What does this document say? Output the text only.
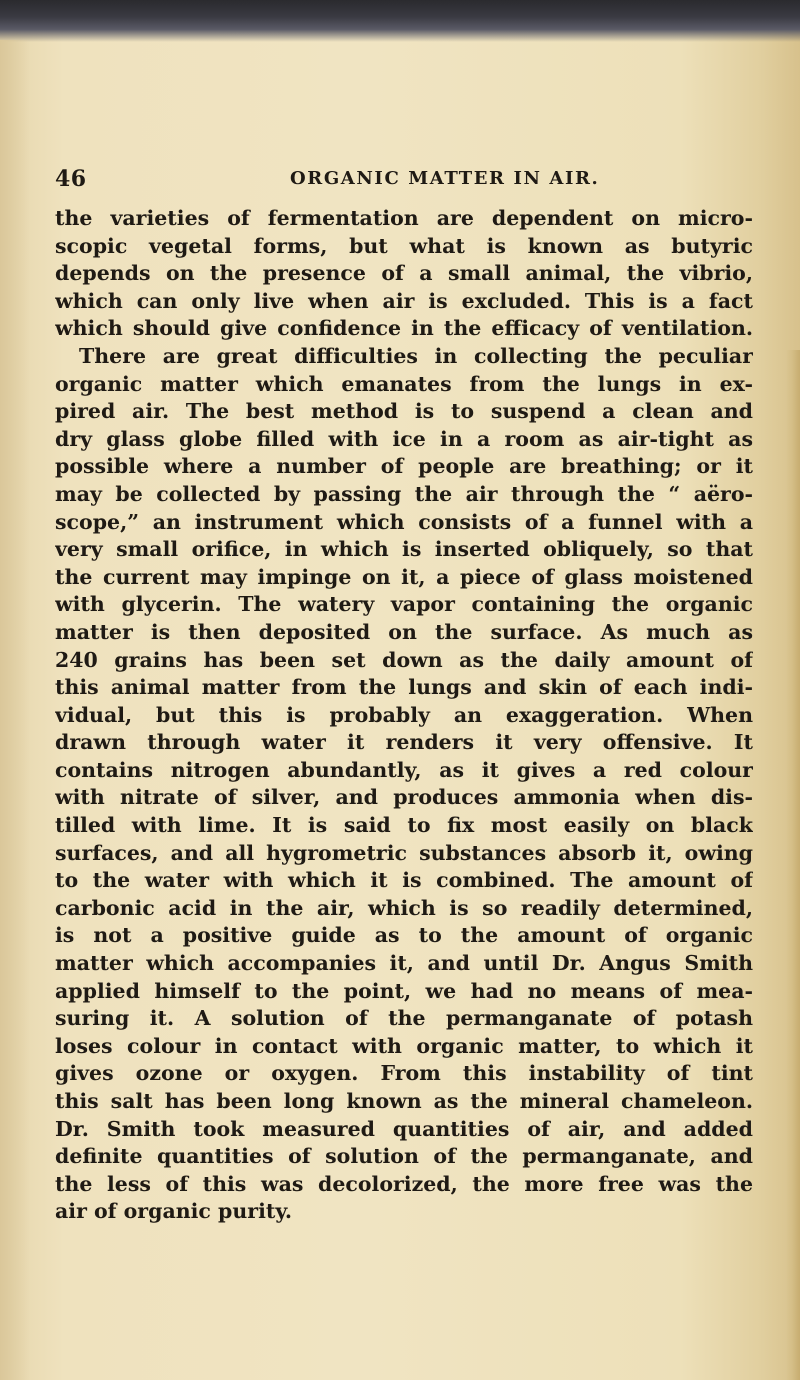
46	ORGANIC MATTER IN AIR.
the varieties of fermentation are dependent on micro-
scopic vegetal forms, but what is known as butyric
depends on the presence of a small animal, the vibrio,
which can only live when air is excluded. This is a fact
which should give confidence in the efficacy of ventilation.
There are great difficulties in collecting the peculiar
organic matter which emanates from the lungs in ex-
pired air. The best method is to suspend a clean and
dry glass globe filled with ice in a room as air-tight as
possible where a number of people are breathing; or it
may be collected by passing the air through the “ aëro-
scope,” an instrument which consists of a funnel with a
very small orifice, in which is inserted obliquely, so that
the current may impinge on it, a piece of glass moistened
with glycerin. The watery vapor containing the organic
matter is then deposited on the surface. As much as
240 grains has been set down as the daily amount of
this animal matter from the lungs and skin of each indi-
vidual, but this is probably an exaggeration. When
drawn through water it renders it very offensive. It
contains nitrogen abundantly, as it gives a red colour
with nitrate of silver, and produces ammonia when dis-
tilled with lime. It is said to fix most easily on black
surfaces, and all hygrometric substances absorb it, owing
to the water with which it is combined. The amount of
carbonic acid in the air, which is so readily determined,
is not a positive guide as to the amount of organic
matter which accompanies it, and until Dr. Angus Smith
applied himself to the point, we had no means of mea-
suring it. A solution of the permanganate of potash
loses colour in contact with organic matter, to which it
gives ozone or oxygen. From this instability of tint
this salt has been long known as the mineral chameleon.
Dr. Smith took measured quantities of air, and added
definite quantities of solution of the permanganate, and
the less of this was decolorized, the more free was the
air of organic purity.
